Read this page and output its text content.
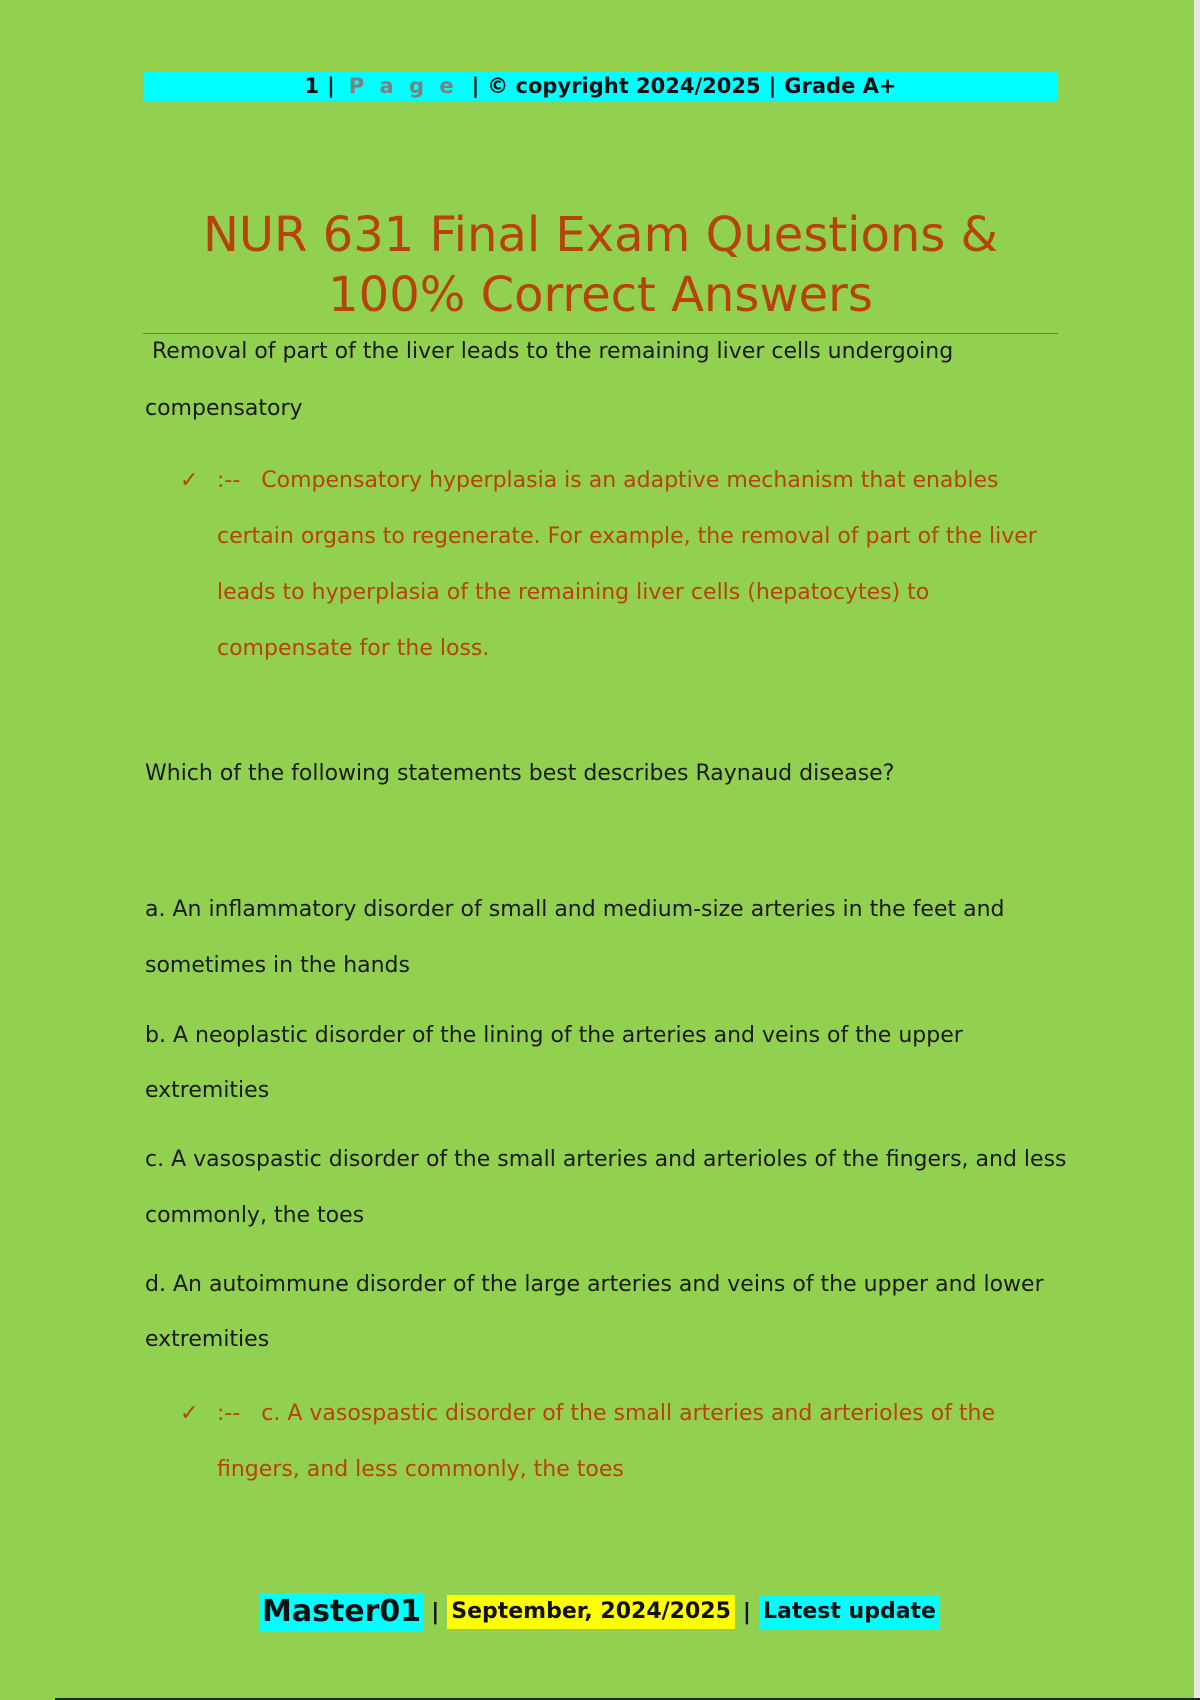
1 | P a g e | © copyright 2024/2025 | Grade A+
NUR 631 Final Exam Questions & 100% Correct Answers

Removal of part of the liver leads to the remaining liver cells undergoing

compensatory

✓ :-- Compensatory hyperplasia is an adaptive mechanism that enables

certain organs to regenerate. For example, the removal of part of the liver

leads to hyperplasia of the remaining liver cells (hepatocytes) to

compensate for the loss.

Which of the following statements best describes Raynaud disease?

a. An inflammatory disorder of small and medium-size arteries in the feet and

sometimes in the hands

b. A neoplastic disorder of the lining of the arteries and veins of the upper

extremities

c. A vasospastic disorder of the small arteries and arterioles of the fingers, and less

commonly, the toes

d. An autoimmune disorder of the large arteries and veins of the upper and lower

extremities

✓ :-- c. A vasospastic disorder of the small arteries and arterioles of the

fingers, and less commonly, the toes

Master01 | September, 2024/2025 | Latest update
